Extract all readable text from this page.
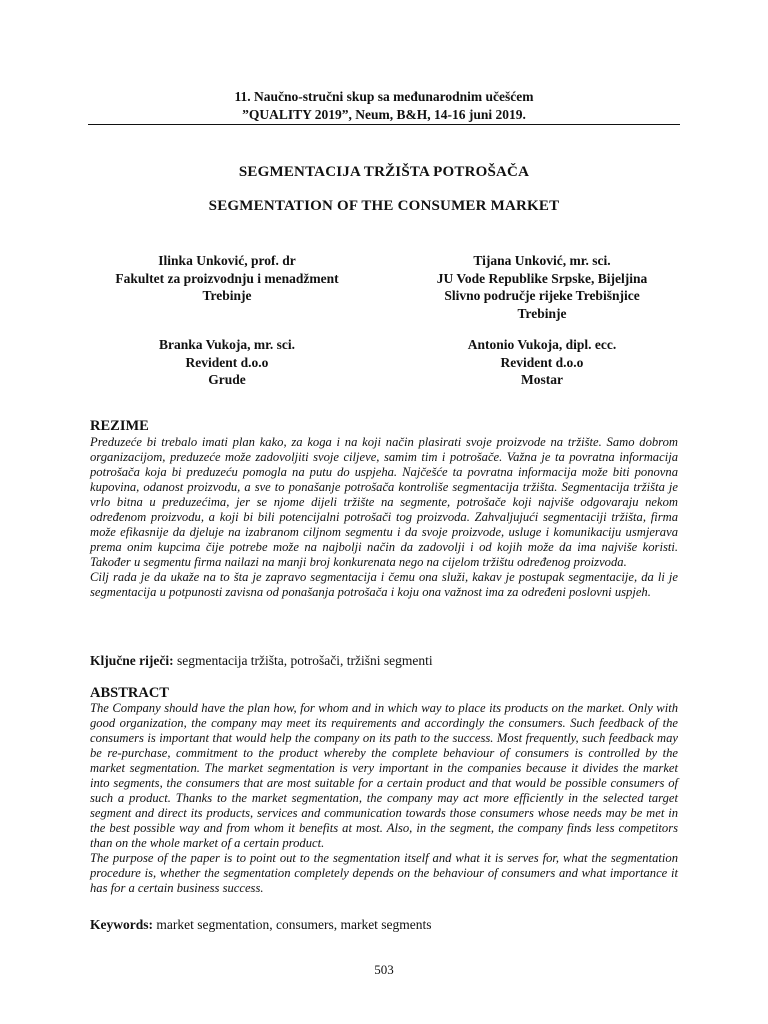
11. Naučno-stručni skup sa međunarodnim učešćem
”QUALITY 2019”, Neum, B&H, 14-16 juni 2019.
SEGMENTACIJA TRŽIŠTA POTROŠAČA
SEGMENTATION OF THE CONSUMER MARKET
Ilinka Unković, prof. dr
Fakultet za proizvodnju i menadžment
Trebinje
Tijana Unković, mr. sci.
JU Vode Republike Srpske, Bijeljina
Slivno područje rijeke Trebišnjice
Trebinje
Branka Vukoja, mr. sci.
Revident d.o.o
Grude
Antonio Vukoja, dipl. ecc.
Revident d.o.o
Mostar
REZIME

Preduzeće bi trebalo imati plan kako, za koga i na koji način plasirati svoje proizvode na tržište. Samo dobrom organizacijom, preduzeće može zadovoljiti svoje ciljeve, samim tim i potrošače. Važna je ta povratna informacija potrošača koja bi preduzeću pomogla na putu do uspjeha. Najčešće ta povratna informacija može biti ponovna kupovina, odanost proizvodu, a sve to ponašanje potrošača kontroliše segmentacija tržišta. Segmentacija tržišta je vrlo bitna u preduzećima, jer se njome dijeli tržište na segmente, potrošače koji najviše odgovaraju nekom određenom proizvodu, a koji bi bili potencijalni potrošači tog proizvoda. Zahvaljujući segmentaciji tržišta, firma može efikasnije da djeluje na izabranom ciljnom segmentu i da svoje proizvode, usluge i komunikaciju usmjerava prema onim kupcima čije potrebe može na najbolji način da zadovolji i od kojih može da ima najviše koristi. Također u segmentu firma nailazi na manji broj konkurenata nego na cijelom tržištu određenog proizvoda.

Cilj rada je da ukaže na to šta je zapravo segmentacija i čemu ona služi, kakav je postupak segmentacije, da li je segmentacija u potpunosti zavisna od ponašanja potrošača i koju ona važnost ima za određeni poslovni uspjeh.

Ključne riječi: segmentacija tržišta, potrošači, tržišni segmenti
ABSTRACT

The Company should have the plan how, for whom and in which way to place its products on the market. Only with good organization, the company may meet its requirements and accordingly the consumers. Such feedback of the consumers is important that would help the company on its path to the success. Most frequently, such feedback may be re-purchase, commitment to the product whereby the complete behaviour of consumers is controlled by the market segmentation. The market segmentation is very important in the companies because it divides the market into segments, the consumers that are most suitable for a certain product and that would be possible consumers of such a product. Thanks to the market segmentation, the company may act more efficiently in the selected target segment and direct its products, services and communication towards those consumers whose needs may be met in the best possible way and from whom it benefits at most. Also, in the segment, the company finds less competitors than on the whole market of a certain product.

The purpose of the paper is to point out to the segmentation itself and what it is serves for, what the segmentation procedure is, whether the segmentation completely depends on the behaviour of consumers and what importance it has for a certain business success.

Keywords: market segmentation, consumers, market segments
503
